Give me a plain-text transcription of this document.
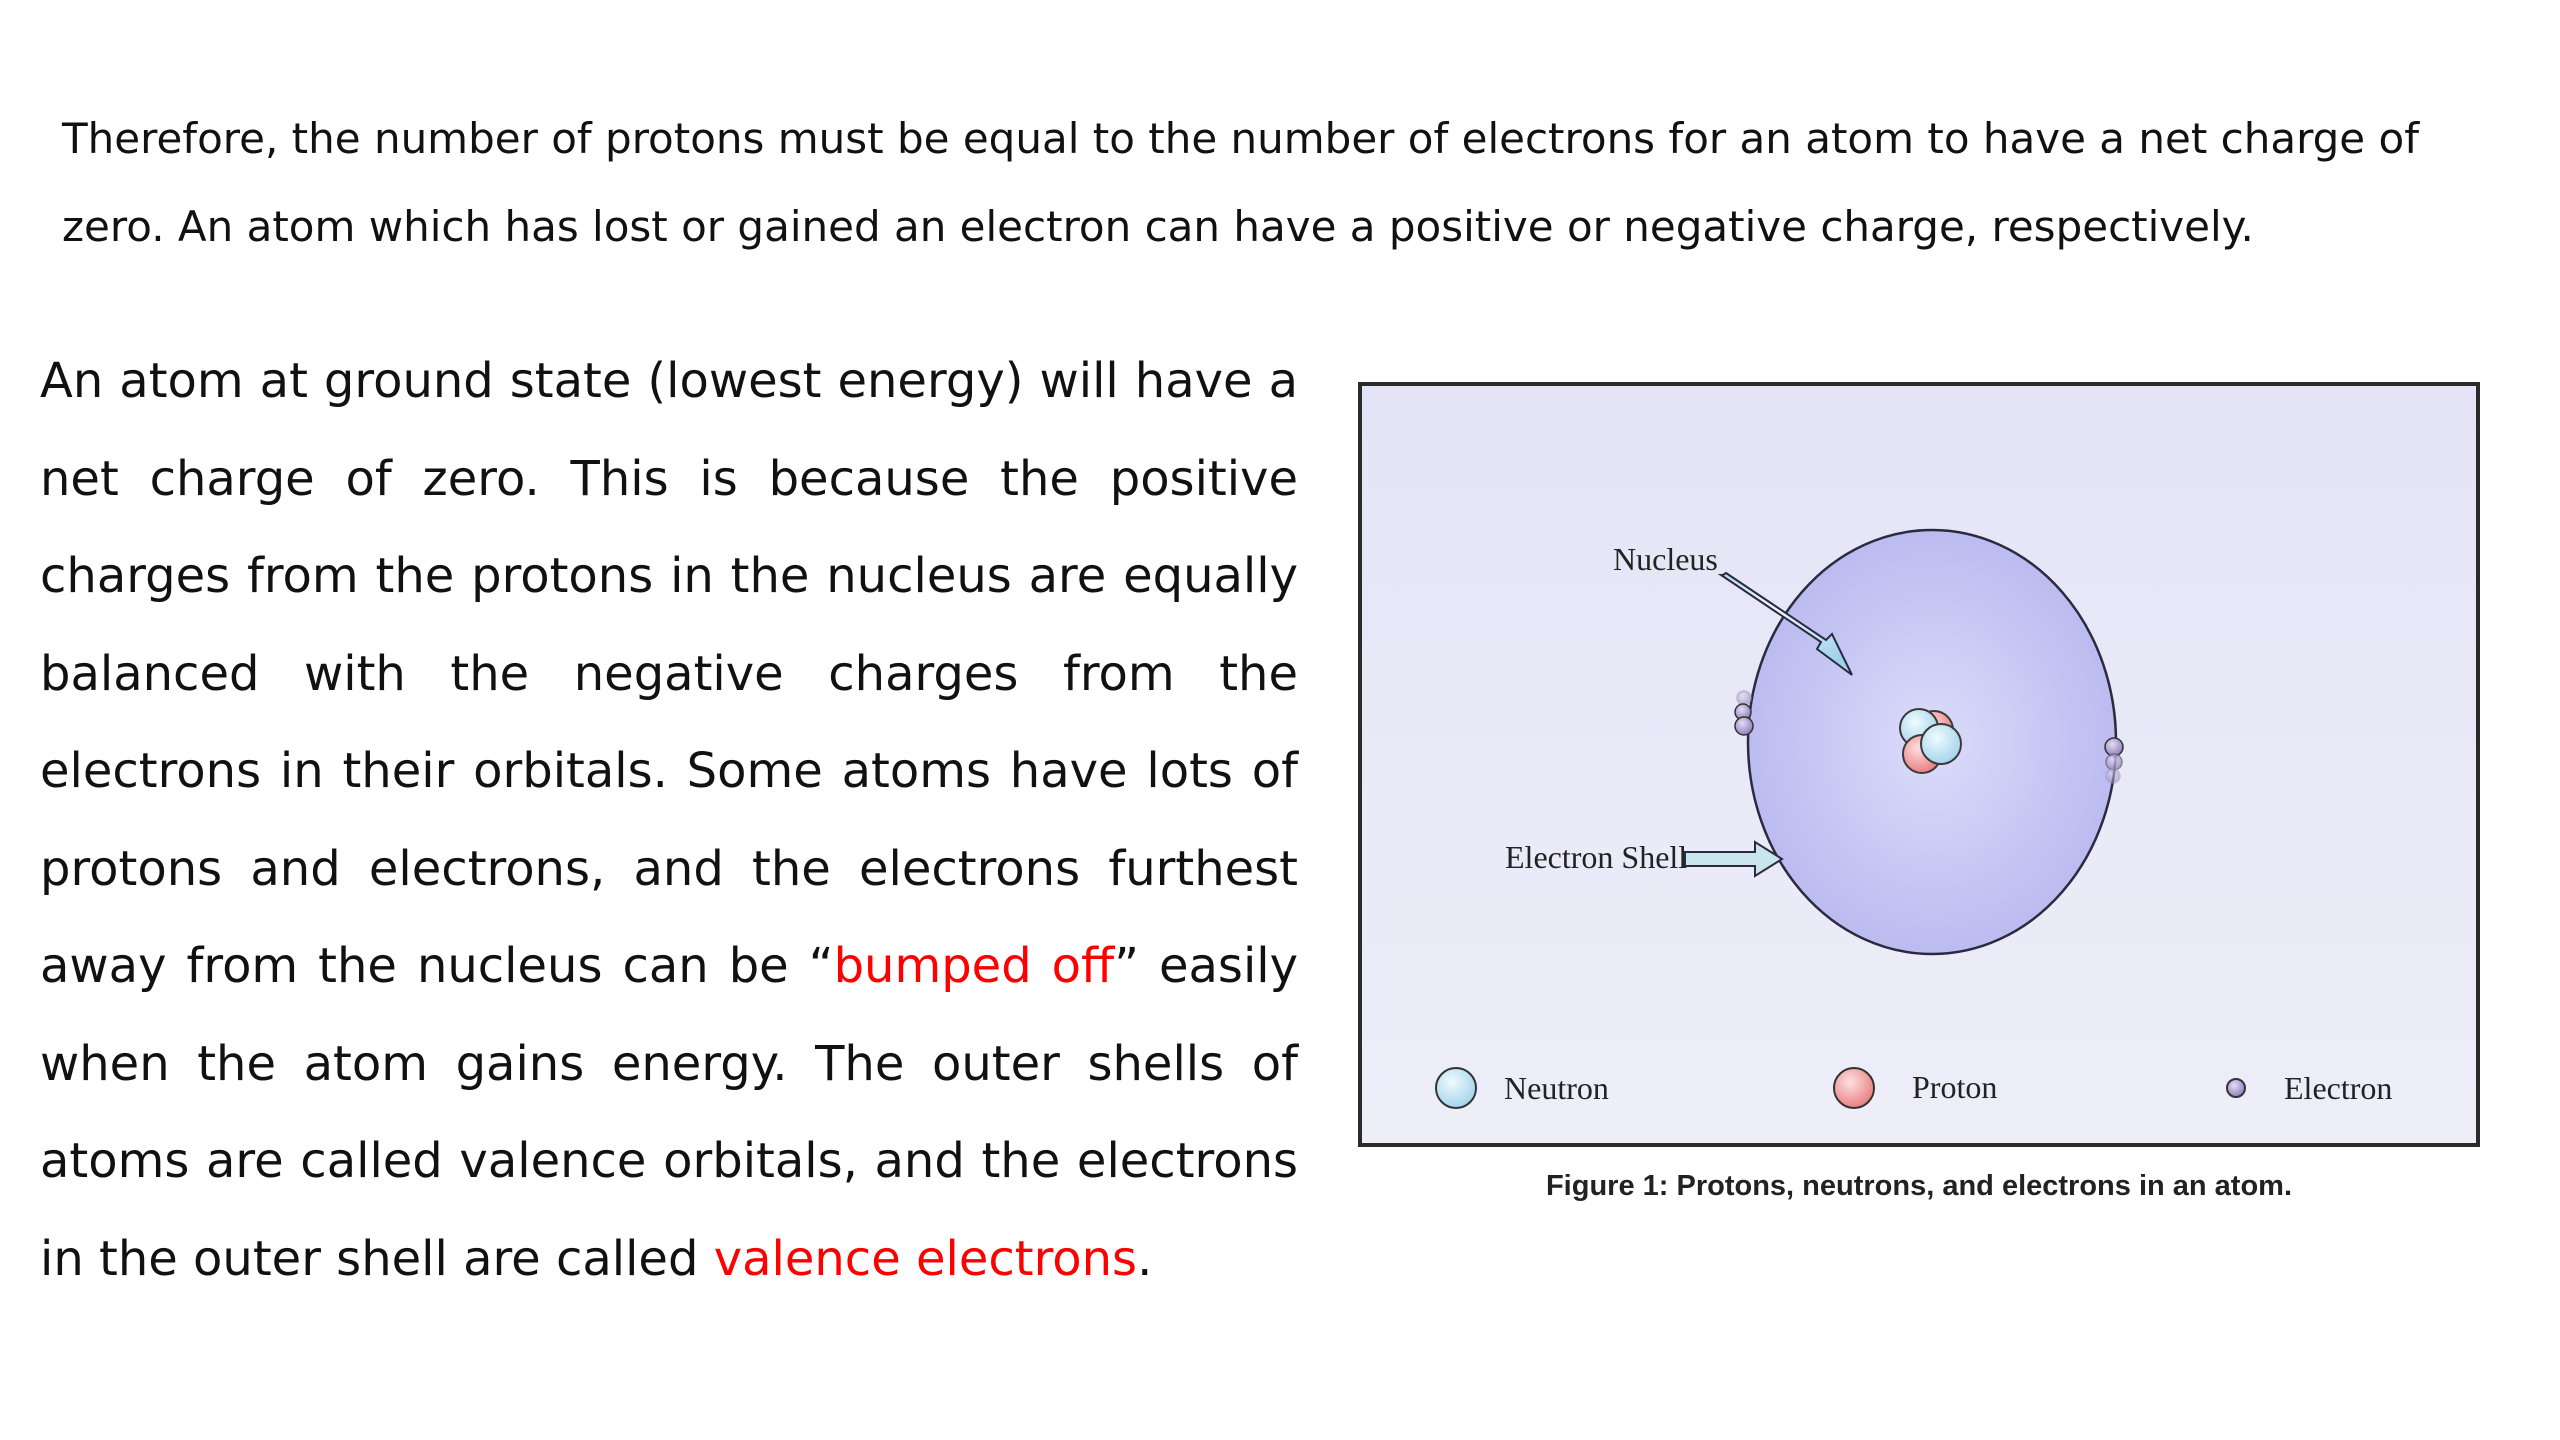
Therefore, the number of protons must be equal to the number of electrons for an atom to have a net charge of zero. An atom which has lost or gained an electron can have a positive or negative charge, respectively.

An atom at ground state (lowest energy) will have a net charge of zero. This is because the positive charges from the protons in the nucleus are equally balanced with the negative charges from the electrons in their orbitals. Some atoms have lots of protons and electrons, and the electrons furthest away from the nucleus can be “bumped off” easily when the atom gains energy. The outer shells of atoms are called valence orbitals, and the electrons in the outer shell are called valence electrons.

Nucleus
Electron Shell
Neutron	Proton	Electron
Figure 1: Protons, neutrons, and electrons in an atom.
